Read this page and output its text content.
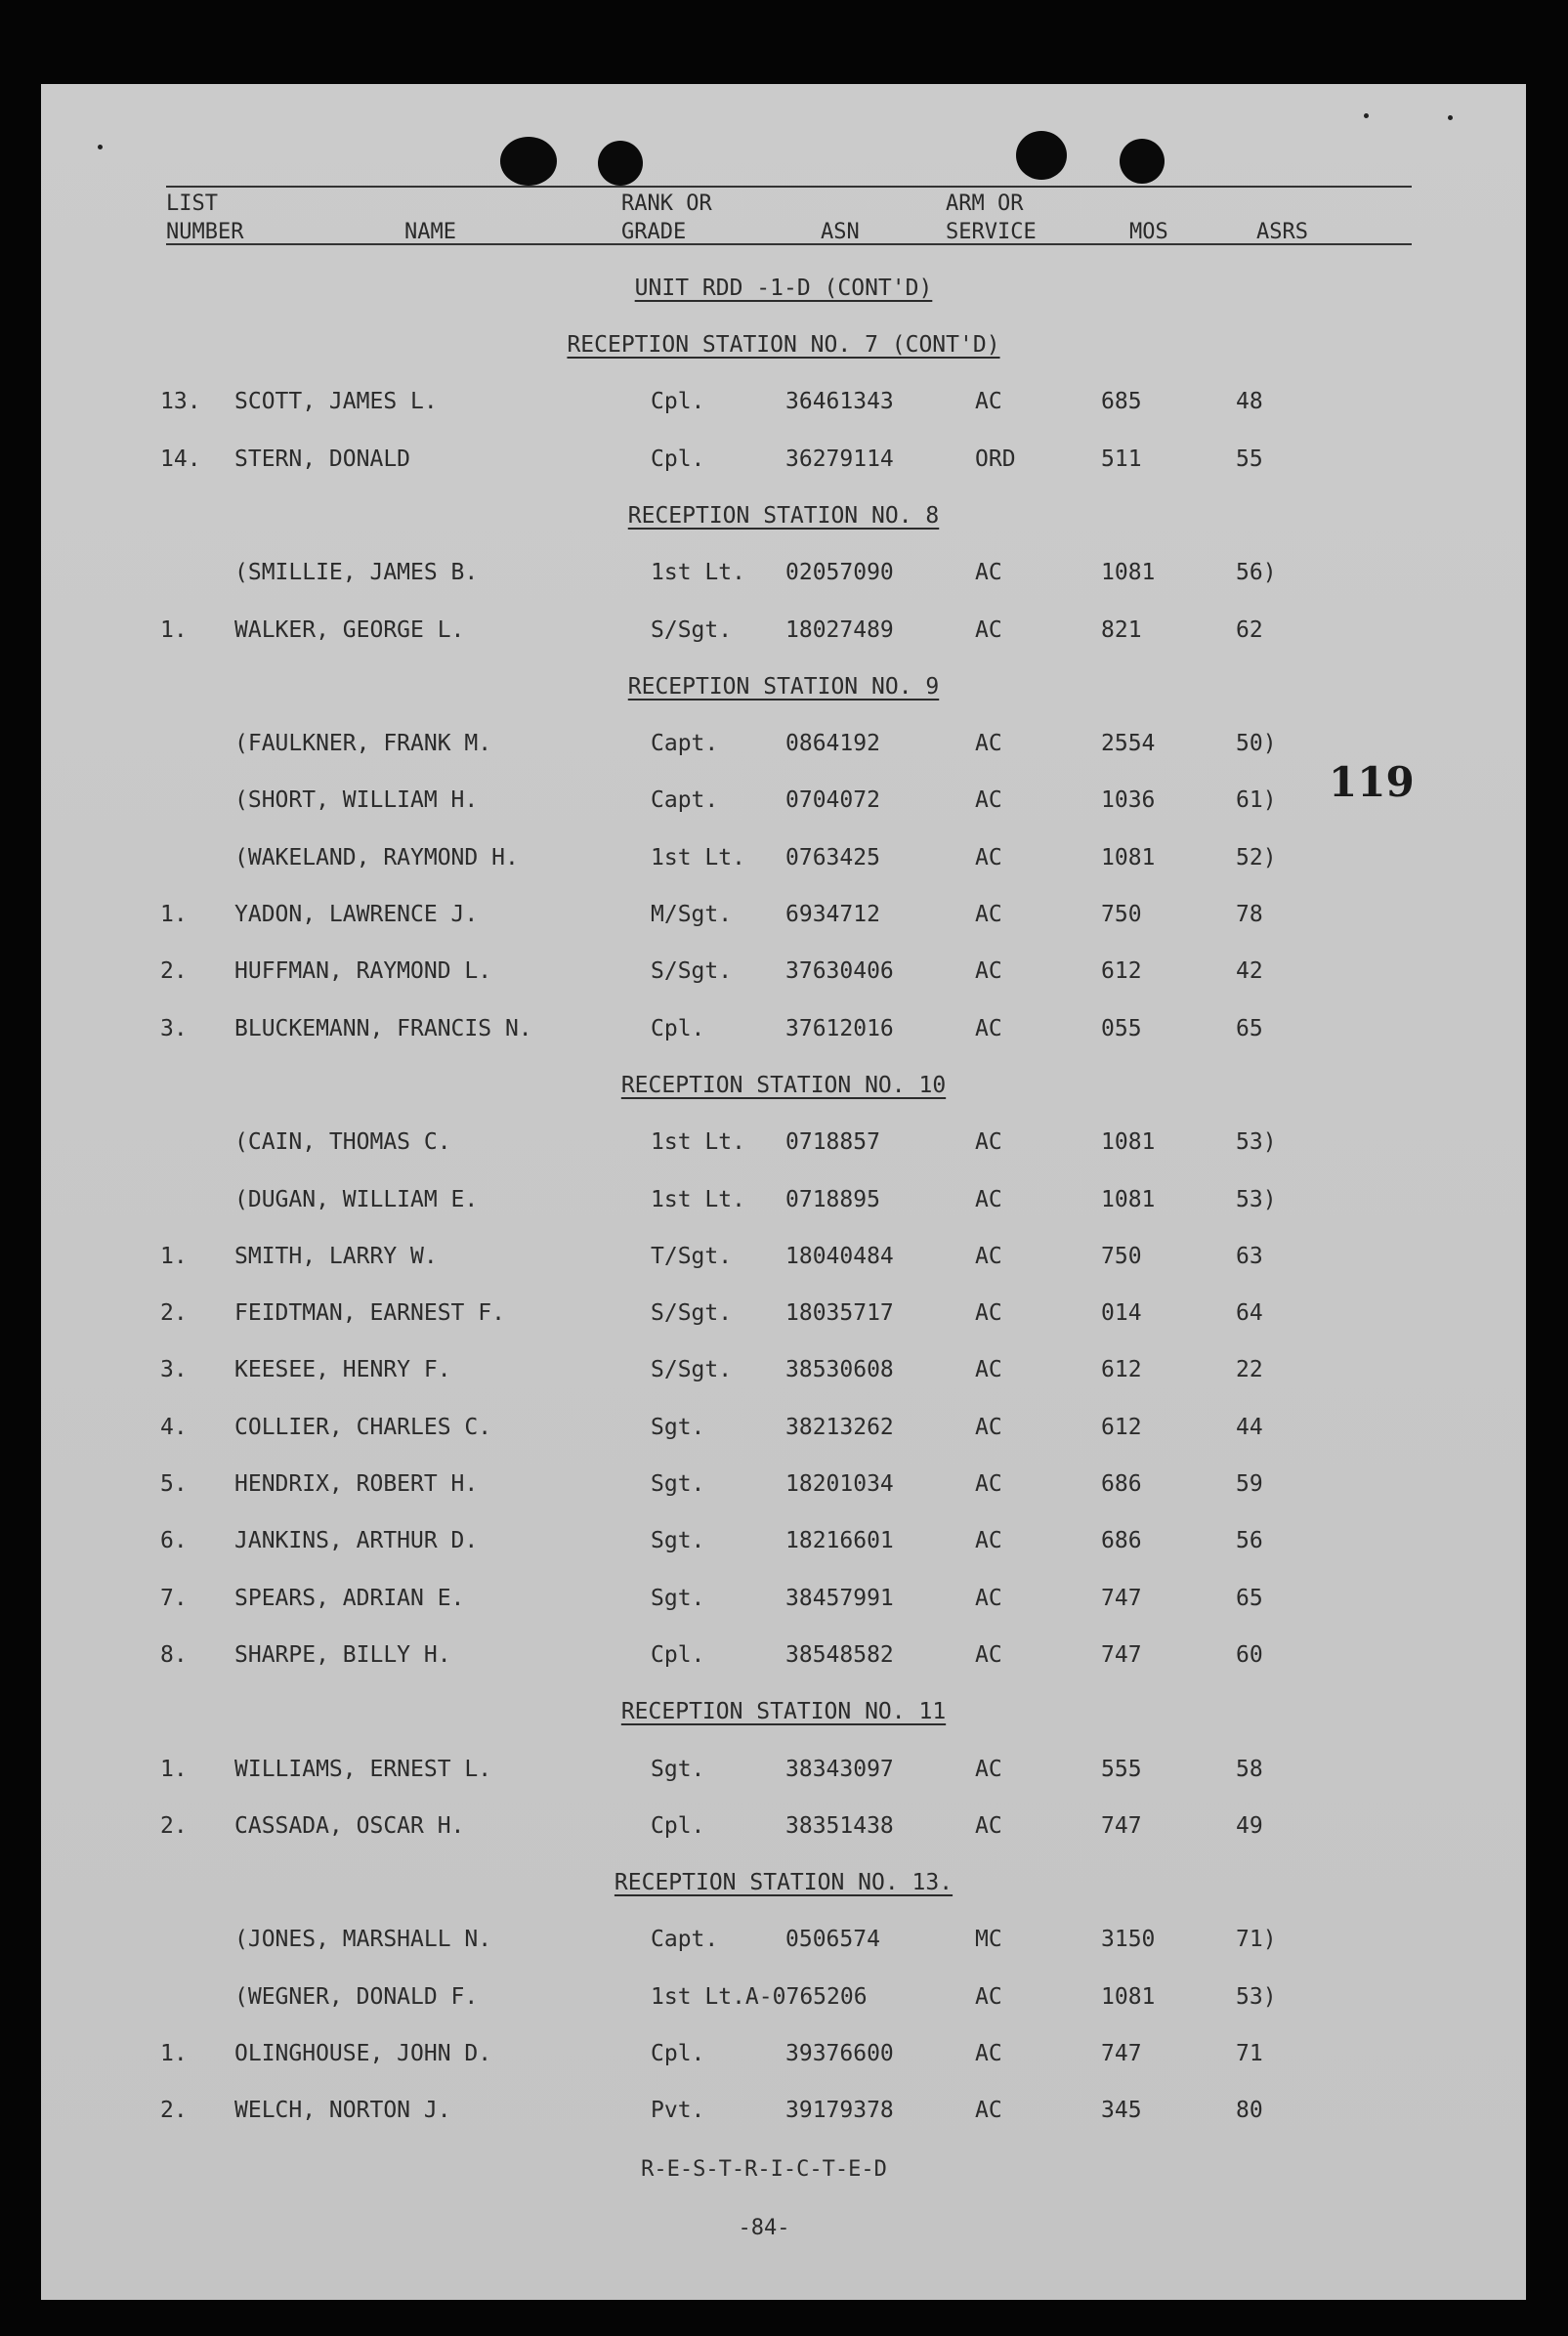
LIST
NUMBER	NAME
RANK OR
GRADE	ASN
ARM OR
SERVICE	MOS	ASRS
UNIT RDD -1-D (CONT'D)
RECEPTION STATION NO. 7 (CONT'D)
13. SCOTT, JAMES L.	Cpl.	36461343	AC	685	48
14. STERN, DONALD	Cpl.	36279114	ORD	511	55
RECEPTION STATION NO. 8
(SMILLIE, JAMES B.	1st Lt. 02057090	AC	1081	56)
1. WALKER, GEORGE L.	S/Sgt. 18027489	AC	821	62
RECEPTION STATION NO. 9
(FAULKNER, FRANK M.	Capt.	0864192	AC	2554	50)
(SHORT, WILLIAM H.	Capt.	0704072	AC	1036	61)
(WAKELAND, RAYMOND H.	1st Lt. 0763425	AC	1081	52)
1. YADON, LAWRENCE J.	M/Sgt. 6934712	AC	750	78
2. HUFFMAN, RAYMOND L.	S/Sgt. 37630406	AC	612	42
3. BLUCKEMANN, FRANCIS N.	Cpl.	37612016	AC	055	65
RECEPTION STATION NO. 10
(CAIN, THOMAS C.	1st Lt. 0718857	AC	1081	53)
(DUGAN, WILLIAM E.	1st Lt. 0718895	AC	1081	53)
1. SMITH, LARRY W.	T/Sgt. 18040484	AC	750	63
2. FEIDTMAN, EARNEST F.	S/Sgt. 18035717	AC	014	64
3. KEESEE, HENRY F.	S/Sgt. 38530608	AC	612	22
4. COLLIER, CHARLES C.	Sgt.	38213262	AC	612	44
5. HENDRIX, ROBERT H.	Sgt.	18201034	AC	686	59
6. JANKINS, ARTHUR D.	Sgt.	18216601	AC	686	56
7. SPEARS, ADRIAN E.	Sgt.	38457991	AC	747	65
8. SHARPE, BILLY H.	Cpl.	38548582	AC	747	60
RECEPTION STATION NO. 11
1. WILLIAMS, ERNEST L.	Sgt.	38343097	AC	555	58
2. CASSADA, OSCAR H.	Cpl.	38351438	AC	747	49
RECEPTION STATION NO. 13.
(JONES, MARSHALL N.	Capt.	0506574	MC	3150	71)
(WEGNER, DONALD F.	1st Lt.A-0765206	AC	1081	53)
1. OLINGHOUSE, JOHN D.	Cpl.	39376600	AC	747	71
2. WELCH, NORTON J.	Pvt.	39179378	AC	345	80
119
R-E-S-T-R-I-C-T-E-D
-84-
